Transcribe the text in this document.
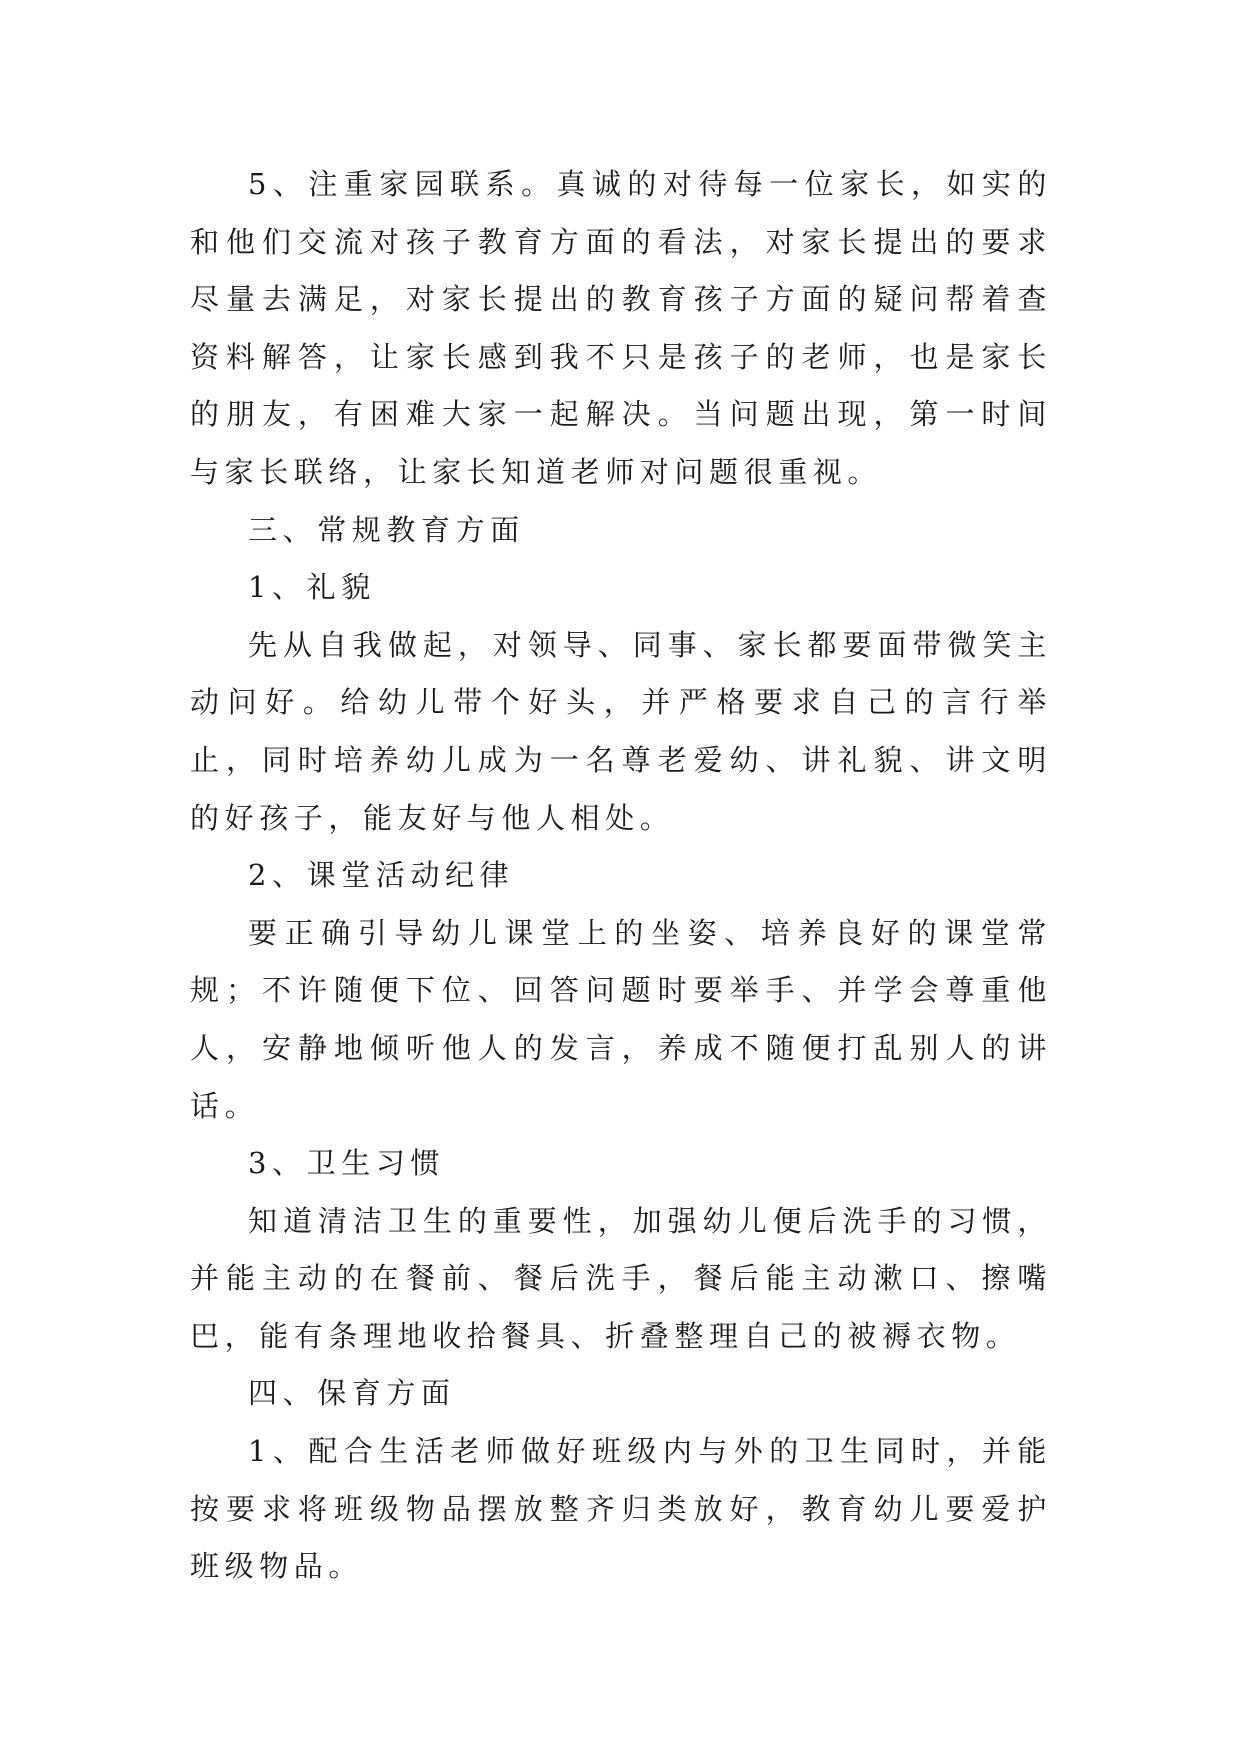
5、注重家园联系。真诚的对待每一位家长，如实的和他们交流对孩子教育方面的看法，对家长提出的要求尽量去满足，对家长提出的教育孩子方面的疑问帮着查资料解答，让家长感到我不只是孩子的老师，也是家长的朋友，有困难大家一起解决。当问题出现，第一时间与家长联络，让家长知道老师对问题很重视。

三、常规教育方面

1、礼貌

先从自我做起，对领导、同事、家长都要面带微笑主动问好。给幼儿带个好头，并严格要求自己的言行举止，同时培养幼儿成为一名尊老爱幼、讲礼貌、讲文明的好孩子，能友好与他人相处。

2、课堂活动纪律

要正确引导幼儿课堂上的坐姿、培养良好的课堂常规；不许随便下位、回答问题时要举手、并学会尊重他人，安静地倾听他人的发言，养成不随便打乱别人的讲话。

3、卫生习惯

知道清洁卫生的重要性，加强幼儿便后洗手的习惯，并能主动的在餐前、餐后洗手，餐后能主动漱口、擦嘴巴，能有条理地收拾餐具、折叠整理自己的被褥衣物。

四、保育方面

1、配合生活老师做好班级内与外的卫生同时，并能按要求将班级物品摆放整齐归类放好，教育幼儿要爱护班级物品。
